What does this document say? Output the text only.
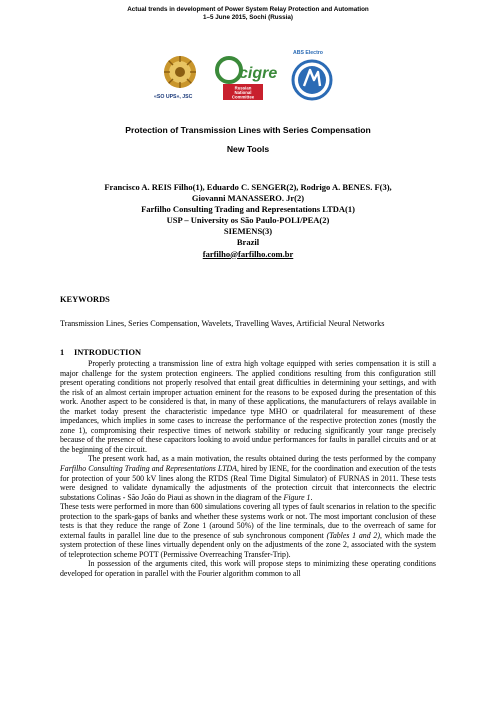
Actual trends in development of Power System Relay Protection and Automation
1–5 June 2015, Sochi (Russia)
«SO UPS», JSC
cigre
Russian
National
Committee
ABS Electro
Protection of Transmission Lines with Series Compensation
New Tools
Francisco A. REIS Filho(1), Eduardo C. SENGER(2), Rodrigo A. BENES. F(3),
Giovanni MANASSERO. Jr(2)
Farfilho Consulting Trading and Representations LTDA(1)
USP – University os São Paulo-POLI/PEA(2)
SIEMENS(3)
Brazil
farfilho@farfilho.com.br
KEYWORDS
Transmission Lines, Series Compensation, Wavelets, Travelling Waves, Artificial Neural Networks
1 INTRODUCTION

Properly protecting a transmission line of extra high voltage equipped with series compensation it is still a major challenge for the system protection engineers. The applied conditions resulting from this configuration still present operating conditions not properly resolved that entail great difficulties in determining your settings, and with the risk of an almost certain improper actuation eminent for the reasons to be exposed during the presentation of this work. Another aspect to be considered is that, in many of these applications, the manufacturers of relays available in the market today present the characteristic impedance type MHO or quadrilateral for measurement of these impedances, which implies in some cases to increase the performance of the respective protection zones (mostly the zone 1), compromising their respective times of network stability or reducing significantly your range precisely because of the presence of these capacitors looking to avoid undue performances for faults in parallel circuits and or at the beginning of the circuit.

The present work had, as a main motivation, the results obtained during the tests performed by the company Farfilho Consulting Trading and Representations LTDA, hired by IENE, for the coordination and execution of the tests for protection of your 500 kV lines along the RTDS (Real Time Digital Simulator) of FURNAS in 2011. These tests were designed to validate dynamically the adjustments of the protection circuit that interconnects the electric substations Colinas - São João do Piaui as shown in the diagram of the Figure 1.

These tests were performed in more than 600 simulations covering all types of fault scenarios in relation to the specific protection to the spark-gaps of banks and whether these systems work or not. The most important conclusion of these tests is that they reduce the range of Zone 1 (around 50%) of the line terminals, due to the overreach of same for external faults in parallel line due to the presence of sub synchronous component (Tables 1 and 2), which made the system protection of these lines virtually dependent only on the adjustments of the zone 2, associated with the system of teleprotection scheme POTT (Permissive Overreaching Transfer-Trip).

In possession of the arguments cited, this work will propose steps to minimizing these operating conditions developed for operation in parallel with the Fourier algorithm common to all
